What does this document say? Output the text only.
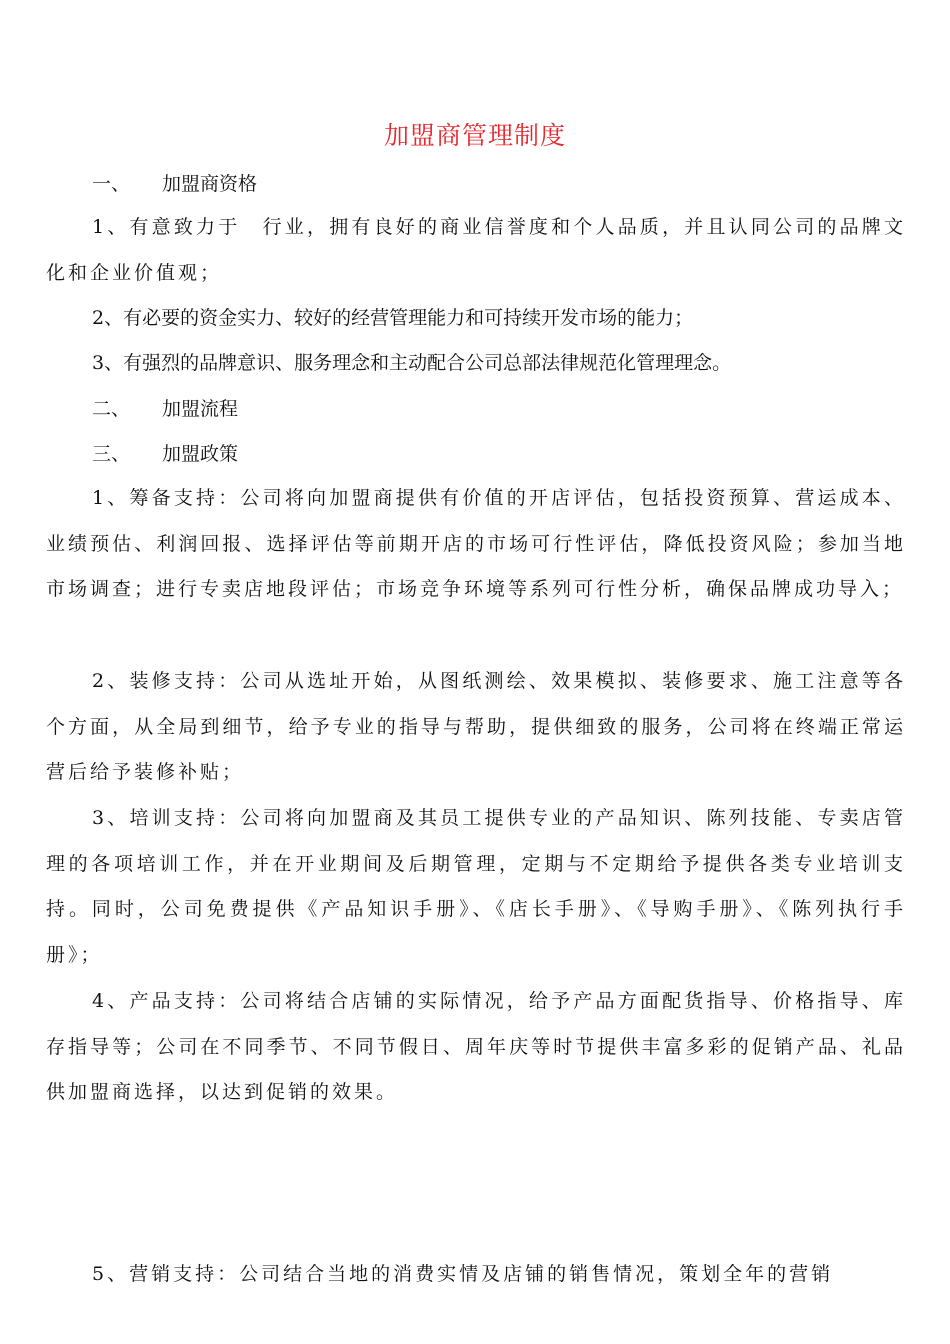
加盟商管理制度
一、 加盟商资格

1、有意致力于　行业，拥有良好的商业信誉度和个人品质，并且认同公司的品牌文化和企业价值观；

2、有必要的资金实力、较好的经营管理能力和可持续开发市场的能力；

3、有强烈的品牌意识、服务理念和主动配合公司总部法律规范化管理理念。

二、 加盟流程
三、 加盟政策

1、筹备支持：公司将向加盟商提供有价值的开店评估，包括投资预算、营运成本、业绩预估、利润回报、选择评估等前期开店的市场可行性评估，降低投资风险；参加当地市场调查；进行专卖店地段评估；市场竞争环境等系列可行性分析，确保品牌成功导入；

2、装修支持：公司从选址开始，从图纸测绘、效果模拟、装修要求、施工注意等各个方面，从全局到细节，给予专业的指导与帮助，提供细致的服务，公司将在终端正常运营后给予装修补贴；

3、培训支持：公司将向加盟商及其员工提供专业的产品知识、陈列技能、专卖店管理的各项培训工作，并在开业期间及后期管理，定期与不定期给予提供各类专业培训支持。同时，公司免费提供《产品知识手册》、《店长手册》、《导购手册》、《陈列执行手册》；

4、产品支持：公司将结合店铺的实际情况，给予产品方面配货指导、价格指导、库存指导等；公司在不同季节、不同节假日、周年庆等时节提供丰富多彩的促销产品、礼品供加盟商选择，以达到促销的效果。

5、营销支持：公司结合当地的消费实情及店铺的销售情况，策划全年的营销
